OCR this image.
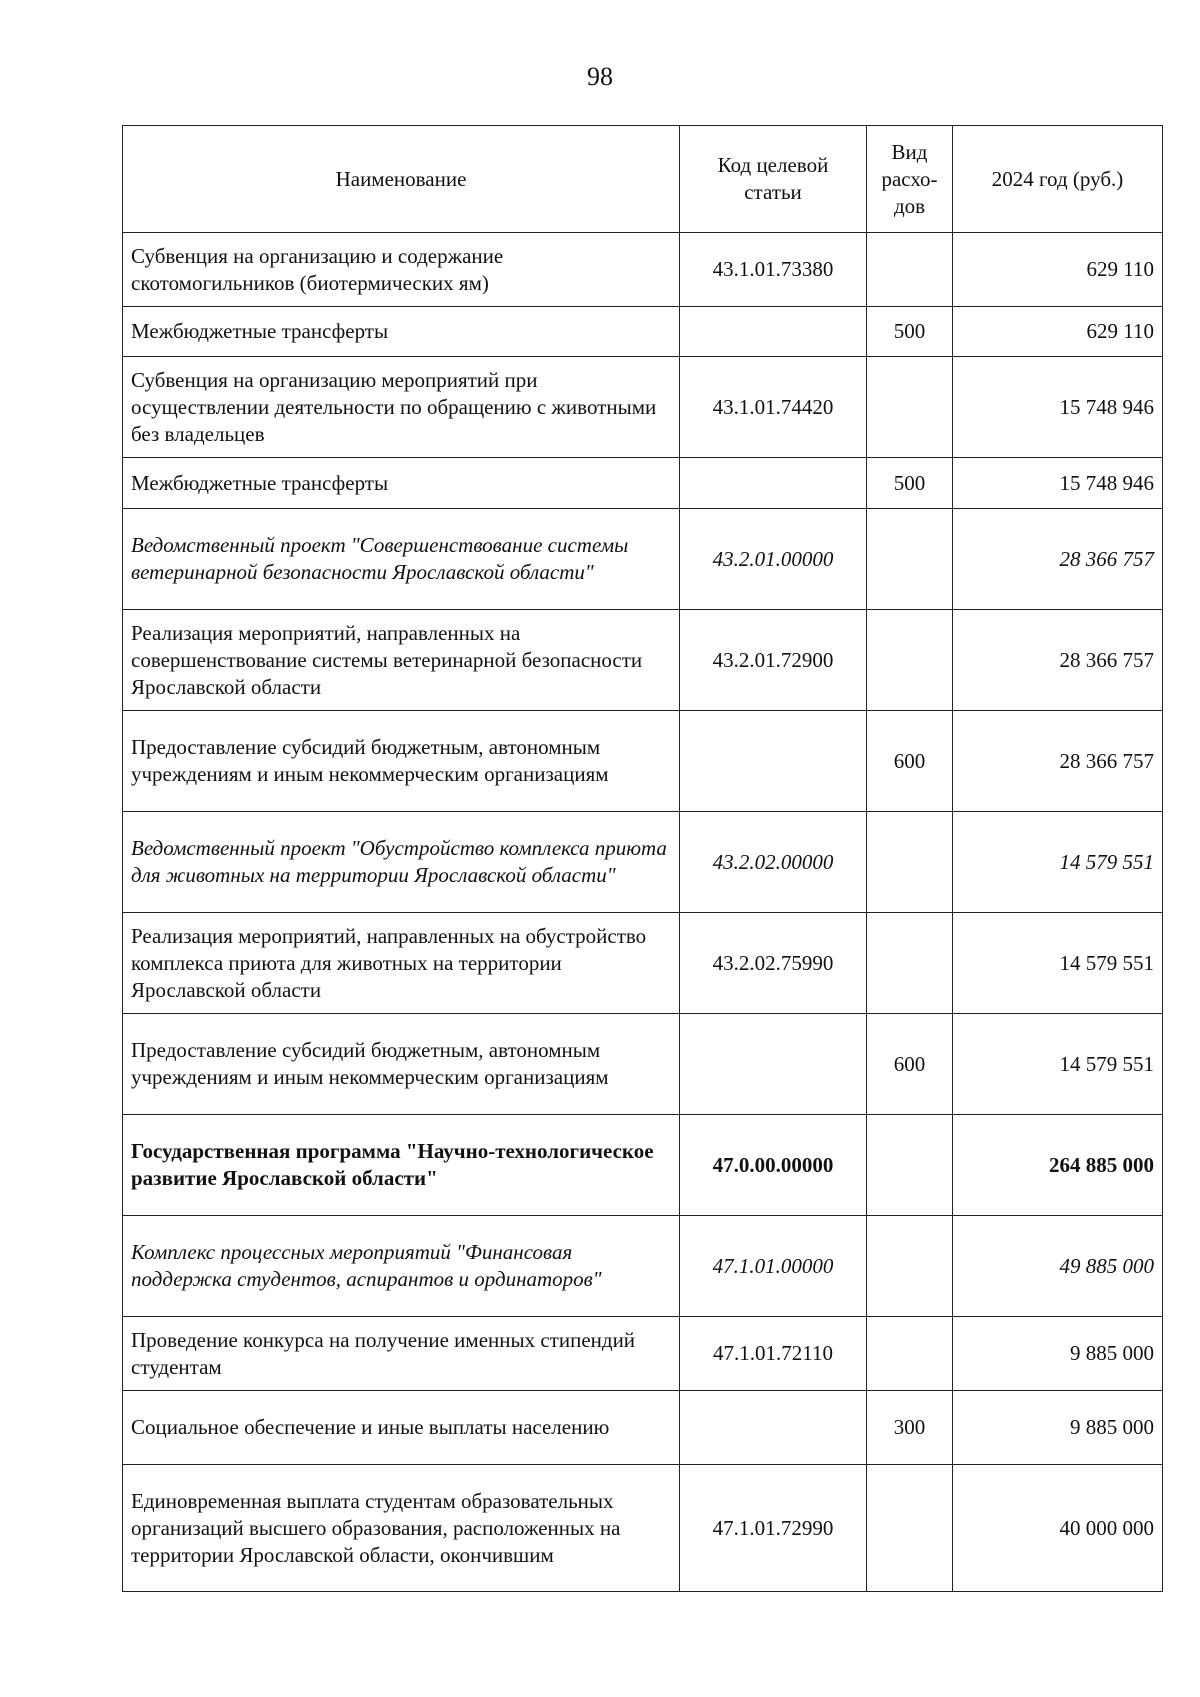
98
Наименование	Код целевой статьи	Вид расхо-дов	2024 год (руб.)
Субвенция на организацию и содержание скотомогильников (биотермических ям)	43.1.01.73380		629 110
Межбюджетные трансферты		500	629 110
Субвенция на организацию мероприятий при осуществлении деятельности по обращению с животными без владельцев	43.1.01.74420		15 748 946
Межбюджетные трансферты		500	15 748 946
Ведомственный проект "Совершенствование системы ветеринарной безопасности Ярославской области"	43.2.01.00000		28 366 757
Реализация мероприятий, направленных на совершенствование системы ветеринарной безопасности Ярославской области	43.2.01.72900		28 366 757
Предоставление субсидий бюджетным, автономным учреждениям и иным некоммерческим организациям		600	28 366 757
Ведомственный проект "Обустройство комплекса приюта для животных на территории Ярославской области"	43.2.02.00000		14 579 551
Реализация мероприятий, направленных на обустройство комплекса приюта для животных на территории Ярославской области	43.2.02.75990		14 579 551
Предоставление субсидий бюджетным, автономным учреждениям и иным некоммерческим организациям		600	14 579 551
Государственная программа "Научно-технологическое развитие Ярославской области"	47.0.00.00000		264 885 000
Комплекс процессных мероприятий "Финансовая поддержка студентов, аспирантов и ординаторов"	47.1.01.00000		49 885 000
Проведение конкурса на получение именных стипендий студентам	47.1.01.72110		9 885 000
Социальное обеспечение и иные выплаты населению		300	9 885 000
Единовременная выплата студентам образовательных организаций высшего образования, расположенных на территории Ярославской области, окончившим	47.1.01.72990		40 000 000
